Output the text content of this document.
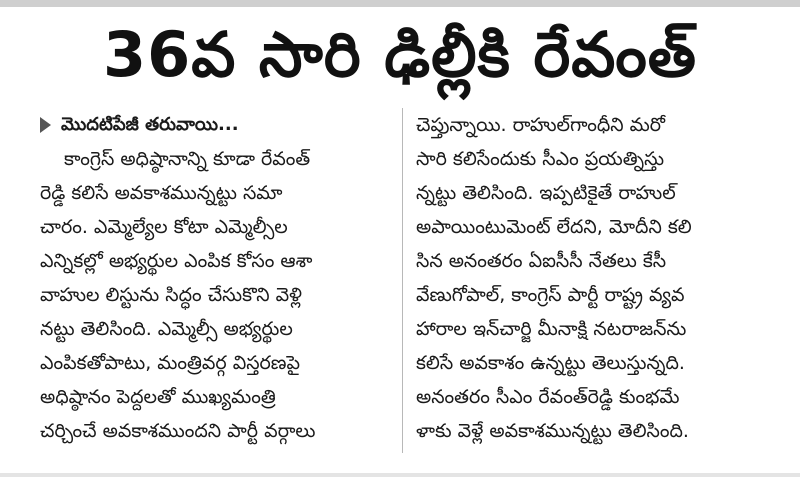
36వ సారి ఢిల్లీకి రేవంత్
మొదటిపేజీ తరువాయి...
కాంగ్రెస్ అధిష్ఠానాన్ని కూడా రేవంత్
రెడ్డి కలిసే అవకాశమున్నట్టు సమా
చారం. ఎమ్మెల్యేల కోటా ఎమ్మెల్సీల
ఎన్నికల్లో అభ్యర్థుల ఎంపిక కోసం ఆశా
వాహుల లిస్టును సిద్ధం చేసుకొని వెళ్లి
నట్టు తెలిసింది. ఎమ్మెల్సీ అభ్యర్థుల
ఎంపికతోపాటు, మంత్రివర్గ విస్తరణపై
అధిష్ఠానం పెద్దలతో ముఖ్యమంత్రి
చర్చించే అవకాశముందని పార్టీ వర్గాలు
చెప్తున్నాయి. రాహుల్‌గాంధీని మరో
సారి కలిసేందుకు సీఎం ప్రయత్నిస్తు
న్నట్టు తెలిసింది. ఇప్పటికైతే రాహుల్
అపాయింటుమెంట్ లేదని, మోదీని కలి
సిన అనంతరం ఏఐసీసీ నేతలు కేసీ
వేణుగోపాల్, కాంగ్రెస్ పార్టీ రాష్ట్ర వ్యవ
హారాల ఇన్‌చార్జి మీనాక్షి నటరాజన్‌ను
కలిసే అవకాశం ఉన్నట్టు తెలుస్తున్నది.
అనంతరం సీఎం రేవంత్‌రెడ్డి కుంభమే
ళాకు వెళ్లే అవకాశమున్నట్టు తెలిసింది.
